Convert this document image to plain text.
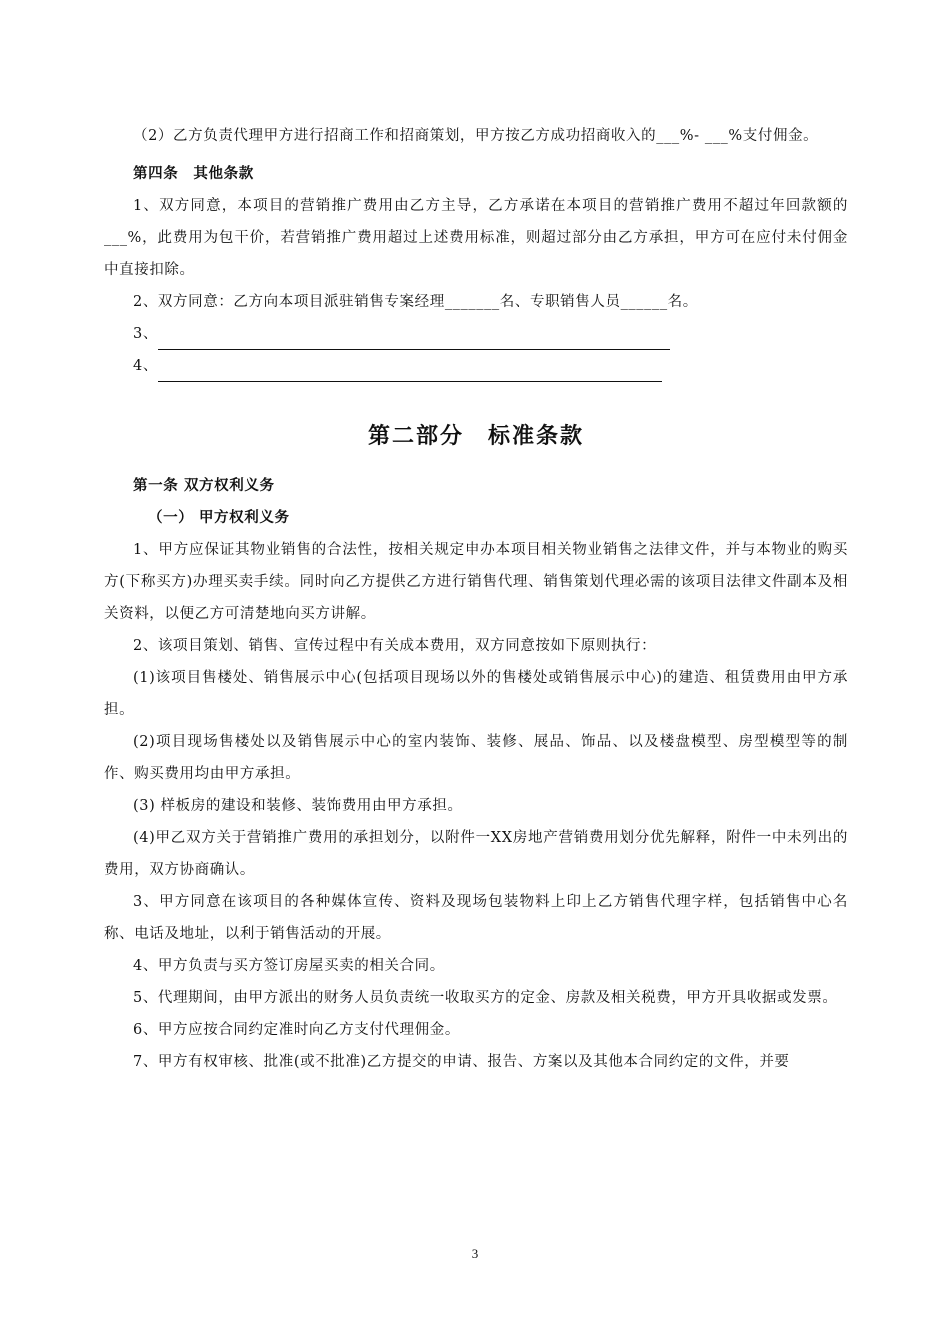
（2）乙方负责代理甲方进行招商工作和招商策划，甲方按乙方成功招商收入的___%- ___%支付佣金。

第四条　其他条款

1、双方同意，本项目的营销推广费用由乙方主导，乙方承诺在本项目的营销推广费用不超过年回款额的___%，此费用为包干价，若营销推广费用超过上述费用标准，则超过部分由乙方承担，甲方可在应付未付佣金中直接扣除。

2、双方同意：乙方向本项目派驻销售专案经理_______名、专职销售人员______名。

3、

4、

第二部分　标准条款

第一条 双方权利义务

（一） 甲方权利义务

1、甲方应保证其物业销售的合法性，按相关规定申办本项目相关物业销售之法律文件，并与本物业的购买方(下称买方)办理买卖手续。同时向乙方提供乙方进行销售代理、销售策划代理必需的该项目法律文件副本及相关资料，以便乙方可清楚地向买方讲解。

2、该项目策划、销售、宣传过程中有关成本费用，双方同意按如下原则执行：

(1)该项目售楼处、销售展示中心(包括项目现场以外的售楼处或销售展示中心)的建造、租赁费用由甲方承担。

(2)项目现场售楼处以及销售展示中心的室内装饰、装修、展品、饰品、以及楼盘模型、房型模型等的制作、购买费用均由甲方承担。

(3) 样板房的建设和装修、装饰费用由甲方承担。

(4)甲乙双方关于营销推广费用的承担划分，以附件一XX房地产营销费用划分优先解释，附件一中未列出的费用，双方协商确认。

3、甲方同意在该项目的各种媒体宣传、资料及现场包装物料上印上乙方销售代理字样，包括销售中心名称、电话及地址，以利于销售活动的开展。

4、甲方负责与买方签订房屋买卖的相关合同。

5、代理期间，由甲方派出的财务人员负责统一收取买方的定金、房款及相关税费，甲方开具收据或发票。

6、甲方应按合同约定准时向乙方支付代理佣金。

7、甲方有权审核、批准(或不批准)乙方提交的申请、报告、方案以及其他本合同约定的文件，并要

3
